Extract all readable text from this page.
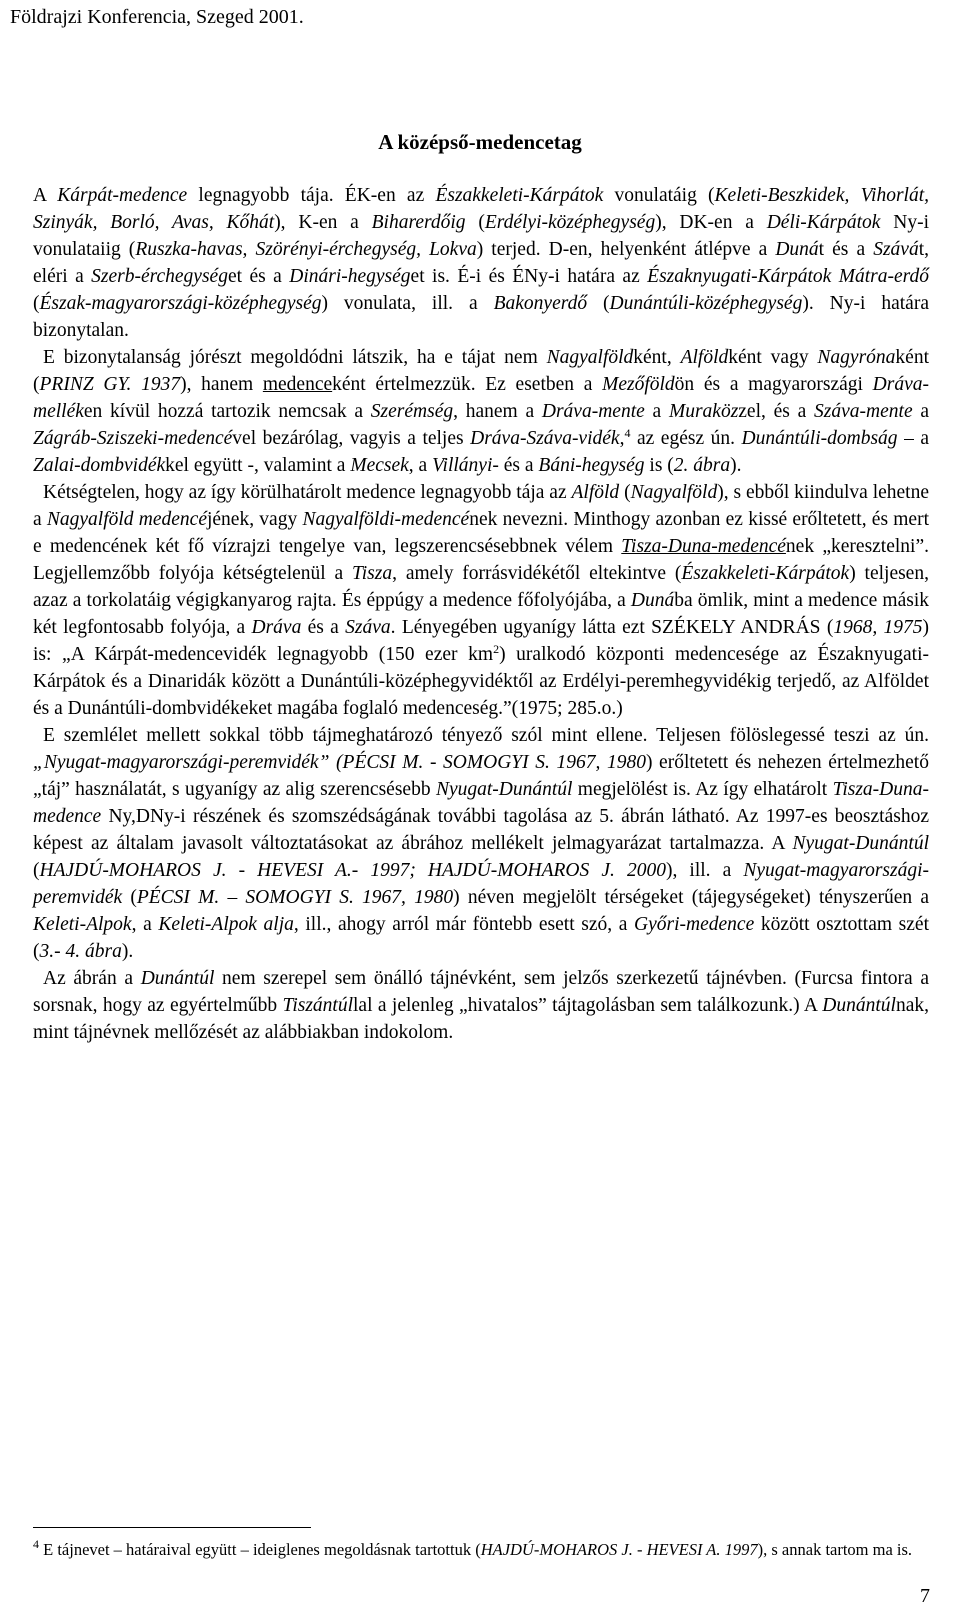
Földrajzi Konferencia, Szeged 2001.
A középső-medencetag

A Kárpát-medence legnagyobb tája. ÉK-en az Északkeleti-Kárpátok vonulatáig (Keleti-Beszkidek, Vihorlát, Szinyák, Borló, Avas, Kőhát), K-en a Biharerdőig (Erdélyi-középhegység), DK-en a Déli-Kárpátok Ny-i vonulataiig (Ruszka-havas, Szörényi-érchegység, Lokva) terjed. D-en, helyenként átlépve a Dunát és a Szávát, eléri a Szerb-érchegységet és a Dinári-hegységet is. É-i és ÉNy-i határa az Északnyugati-Kárpátok Mátra-erdő (Észak-magyarországi-középhegység) vonulata, ill. a Bakonyerdő (Dunántúli-középhegység). Ny-i határa bizonytalan.

E bizonytalanság jórészt megoldódni látszik, ha e tájat nem Nagyalföldként, Alföldként vagy Nagyrónaként (PRINZ GY. 1937), hanem medenceként értelmezzük. Ez esetben a Mezőföldön és a magyarországi Dráva-melléken kívül hozzá tartozik nemcsak a Szerémség, hanem a Dráva-mente a Muraközzel, és a Száva-mente a Zágráb-Sziszeki-medencével bezárólag, vagyis a teljes Dráva-Száva-vidék,$^4$ az egész ún. Dunántúli-dombság – a Zalai-dombvidékkel együtt -, valamint a Mecsek, a Villányi- és a Báni-hegység is (2. ábra).

Kétségtelen, hogy az így körülhatárolt medence legnagyobb tája az Alföld (Nagyalföld), s ebből kiindulva lehetne a Nagyalföld medencéjének, vagy Nagyalföldi-medencének nevezni. Minthogy azonban ez kissé erőltetett, és mert e medencének két fő vízrajzi tengelye van, legszerencsésebbnek vélem Tisza-Duna-medencének „keresztelni”. Legjellemzőbb folyója kétségtelenül a Tisza, amely forrásvidékétől eltekintve (Északkeleti-Kárpátok) teljesen, azaz a torkolatáig végigkanyarog rajta. És éppúgy a medence főfolyójába, a Dunába ömlik, mint a medence másik két legfontosabb folyója, a Dráva és a Száva. Lényegében ugyanígy látta ezt SZÉKELY ANDRÁS (1968, 1975) is: „A Kárpát-medencevidék legnagyobb (150 ezer $km^2$) uralkodó központi medencesége az Északnyugati-Kárpátok és a Dinaridák között a Dunántúli-középhegyvidéktől az Erdélyi-peremhegyvidékig terjedő, az Alföldet és a Dunántúli-dombvidékeket magába foglaló medenceség.”(1975; 285.o.)

E szemlélet mellett sokkal több tájmeghatározó tényező szól mint ellene. Teljesen fölöslegessé teszi az ún. „Nyugat-magyarországi-peremvidék” (PÉCSI M. - SOMOGYI S. 1967, 1980) erőltetett és nehezen értelmezhető „táj” használatát, s ugyanígy az alig szerencsésebb Nyugat-Dunántúl megjelölést is. Az így elhatárolt Tisza-Duna-medence Ny,DNy-i részének és szomszédságának további tagolása az 5. ábrán látható. Az 1997-es beosztáshoz képest az általam javasolt változtatásokat az ábrához mellékelt jelmagyarázat tartalmazza. A Nyugat-Dunántúl (HAJDÚ-MOHAROS J. - HEVESI A.- 1997; HAJDÚ-MOHAROS J. 2000), ill. a Nyugat-magyarországi-peremvidék (PÉCSI M. – SOMOGYI S. 1967, 1980) néven megjelölt térségeket (tájegységeket) tényszerűen a Keleti-Alpok, a Keleti-Alpok alja, ill., ahogy arról már föntebb esett szó, a Győri-medence között osztottam szét (3.- 4. ábra).

Az ábrán a Dunántúl nem szerepel sem önálló tájnévként, sem jelzős szerkezetű tájnévben. (Furcsa fintora a sorsnak, hogy az egyértelműbb Tiszántúllal a jelenleg „hivatalos” tájtagolásban sem találkozunk.) A Dunántúlnak, mint tájnévnek mellőzését az alábbiakban indokolom.

$^4$ E tájnevet – határaival együtt – ideiglenes megoldásnak tartottuk (HAJDÚ-MOHAROS J. - HEVESI A. 1997), s annak tartom ma is.
7
